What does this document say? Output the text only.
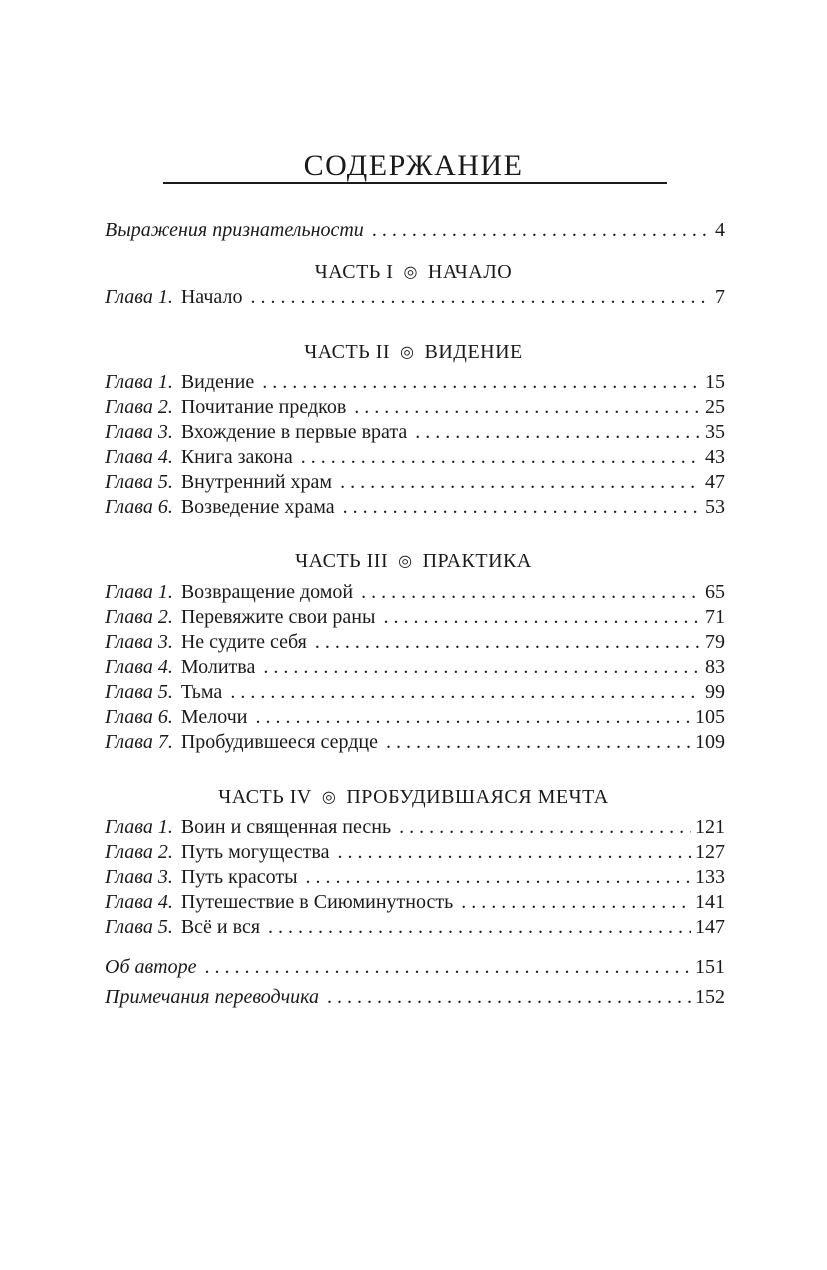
СОДЕРЖАНИЕ
Выражения признательности . . .	4
ЧАСТЬ I ◎ НАЧАЛО
Глава 1. Начало . . .	7
ЧАСТЬ II ◎ ВИДЕНИЕ
Глава 1. Видение . . .	15
Глава 2. Почитание предков . . .	25
Глава 3. Вхождение в первые врата . . .	35
Глава 4. Книга закона . . .	43
Глава 5. Внутренний храм . . .	47
Глава 6. Возведение храма . . .	53
ЧАСТЬ III ◎ ПРАКТИКА
Глава 1. Возвращение домой . . .	65
Глава 2. Перевяжите свои раны . . .	71
Глава 3. Не судите себя . . .	79
Глава 4. Молитва . . .	83
Глава 5. Тьма . . .	99
Глава 6. Мелочи . . .	105
Глава 7. Пробудившееся сердце . . .	109
ЧАСТЬ IV ◎ ПРОБУДИВШАЯСЯ МЕЧТА
Глава 1. Воин и священная песнь . . .	121
Глава 2. Путь могущества . . .	127
Глава 3. Путь красоты . . .	133
Глава 4. Путешествие в Сиюминутность . . .	141
Глава 5. Всё и вся . . .	147
Об авторе . . .	151
Примечания переводчика . . .	152
